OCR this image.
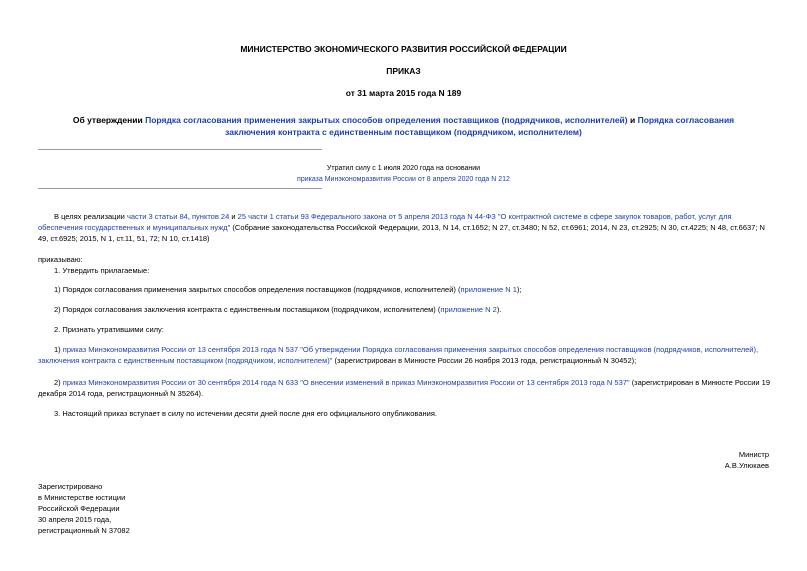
МИНИСТЕРСТВО ЭКОНОМИЧЕСКОГО РАЗВИТИЯ РОССИЙСКОЙ ФЕДЕРАЦИИ
ПРИКАЗ
от 31 марта 2015 года N 189
Об утверждении Порядка согласования применения закрытых способов определения поставщиков (подрядчиков, исполнителей) и Порядка согласования
заключения контракта с единственным поставщиком (подрядчиком, исполнителем)
Утратил силу с 1 июля 2020 года на основании
приказа Минэкономразвития России от 8 апреля 2020 года N 212
В целях реализации части 3 статьи 84, пунктов 24 и 25 части 1 статьи 93 Федерального закона от 5 апреля 2013 года N 44-ФЗ "О контрактной системе в сфере закупок товаров, работ, услуг для обеспечения государственных и муниципальных нужд" (Собрание законодательства Российской Федерации, 2013, N 14, ст.1652; N 27, ст.3480; N 52, ст.6961; 2014, N 23, ст.2925; N 30, ст.4225; N 48, ст.6637; N 49, ст.6925; 2015, N 1, ст.11, 51, 72; N 10, ст.1418)
приказываю:
1. Утвердить прилагаемые:
1) Порядок согласования применения закрытых способов определения поставщиков (подрядчиков, исполнителей) (приложение N 1);
2) Порядок согласования заключения контракта с единственным поставщиком (подрядчиком, исполнителем) (приложение N 2).
2. Признать утратившими силу:
1) приказ Минэкономразвития России от 13 сентября 2013 года N 537 "Об утверждении Порядка согласования применения закрытых способов определения поставщиков (подрядчиков, исполнителей), заключения контракта с единственным поставщиком (подрядчиком, исполнителем)" (зарегистрирован в Минюсте России 26 ноября 2013 года, регистрационный N 30452);
2) приказ Минэкономразвития России от 30 сентября 2014 года N 633 "О внесении изменений в приказ Минэкономразвития России от 13 сентября 2013 года N 537" (зарегистрирован в Минюсте России 19 декабря 2014 года, регистрационный N 35264).
3. Настоящий приказ вступает в силу по истечении десяти дней после дня его официального опубликования.
Министр
А.В.Улюкаев
Зарегистрировано
в Министерстве юстиции
Российской Федерации
30 апреля 2015 года,
регистрационный N 37082
